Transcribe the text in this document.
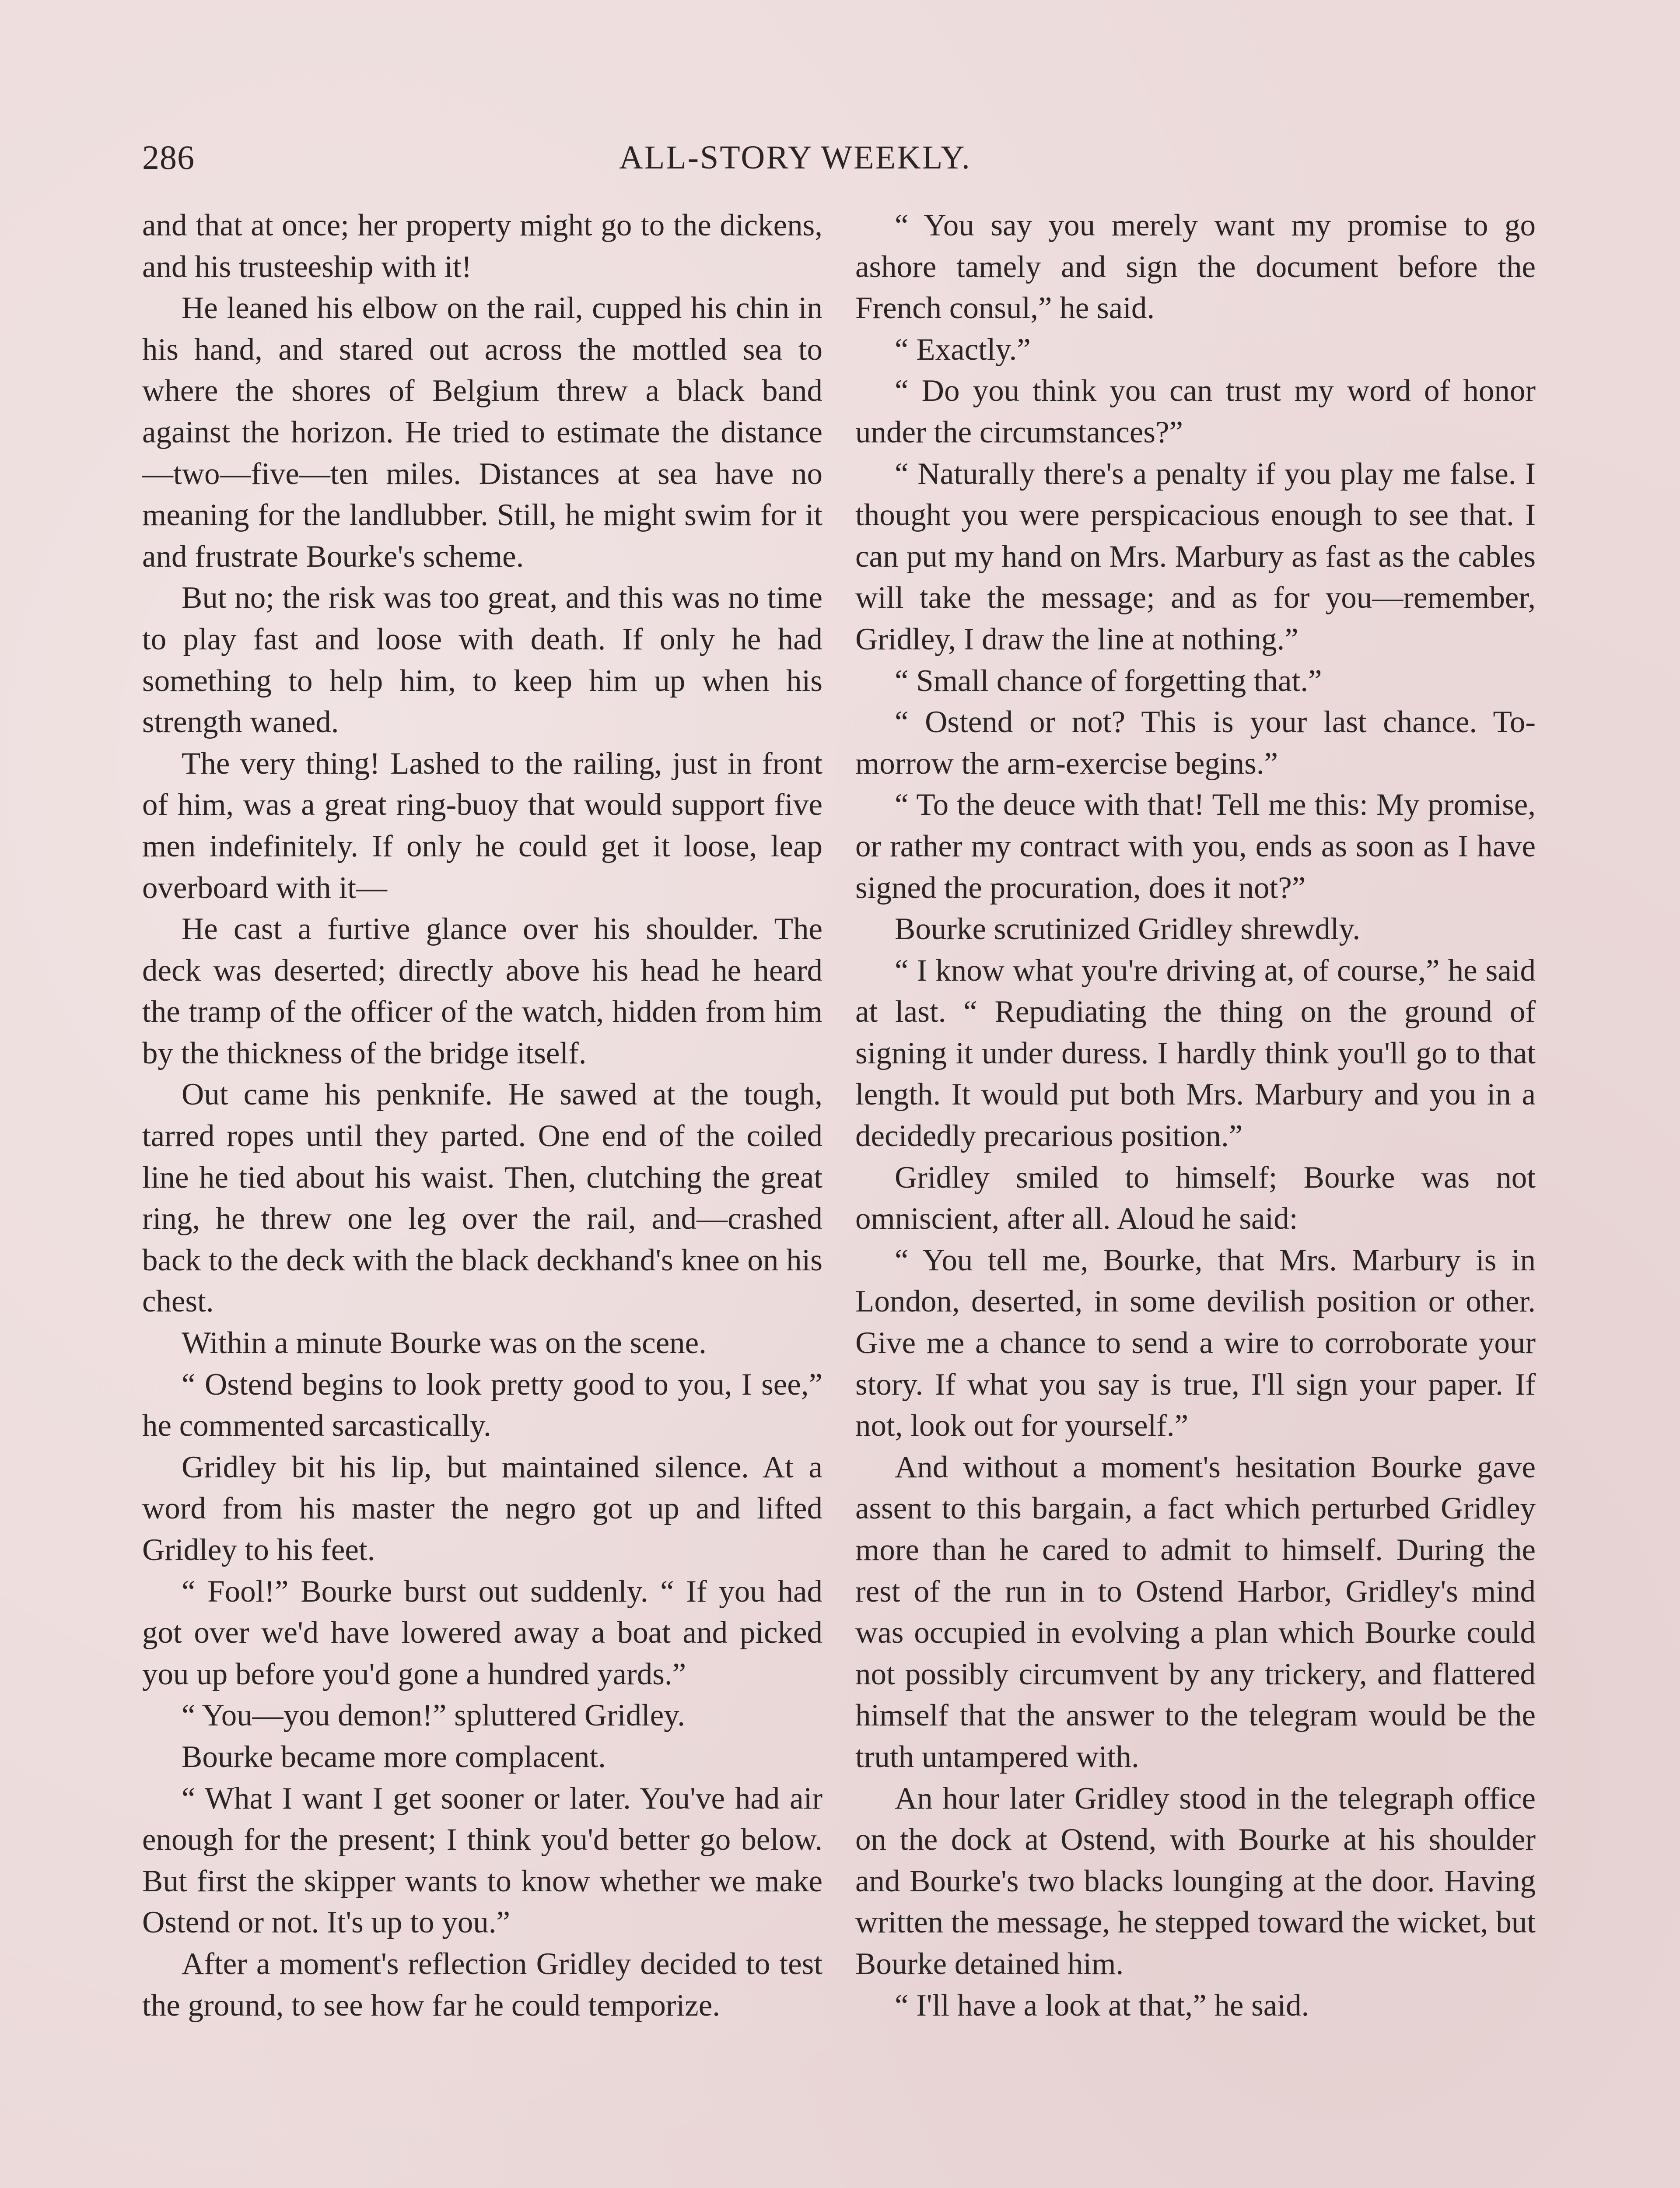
286	ALL-STORY WEEKLY.

and that at once; her property might go to the dickens, and his trusteeship with it!

He leaned his elbow on the rail, cupped his chin in his hand, and stared out across the mottled sea to where the shores of Belgium threw a black band against the horizon. He tried to estimate the distance —two—five—ten miles. Distances at sea have no meaning for the landlubber. Still, he might swim for it and frustrate Bourke's scheme.

But no; the risk was too great, and this was no time to play fast and loose with death. If only he had something to help him, to keep him up when his strength waned.

The very thing! Lashed to the railing, just in front of him, was a great ring-buoy that would support five men indefinitely. If only he could get it loose, leap overboard with it—

He cast a furtive glance over his shoulder. The deck was deserted; directly above his head he heard the tramp of the officer of the watch, hidden from him by the thickness of the bridge itself.

Out came his penknife. He sawed at the tough, tarred ropes until they parted. One end of the coiled line he tied about his waist. Then, clutching the great ring, he threw one leg over the rail, and—crashed back to the deck with the black deckhand's knee on his chest.

Within a minute Bourke was on the scene.

“ Ostend begins to look pretty good to you, I see,” he commented sarcastically.

Gridley bit his lip, but maintained silence. At a word from his master the negro got up and lifted Gridley to his feet.

“ Fool!” Bourke burst out suddenly. “ If you had got over we'd have lowered away a boat and picked you up before you'd gone a hundred yards.”

“ You—you demon!” spluttered Gridley.

Bourke became more complacent.

“ What I want I get sooner or later. You've had air enough for the present; I think you'd better go below. But first the skipper wants to know whether we make Ostend or not. It's up to you.”

After a moment's reflection Gridley decided to test the ground, to see how far he could temporize.

“ You say you merely want my promise to go ashore tamely and sign the document before the French consul,” he said.

“ Exactly.”

“ Do you think you can trust my word of honor under the circumstances?”

“ Naturally there's a penalty if you play me false. I thought you were perspicacious enough to see that. I can put my hand on Mrs. Marbury as fast as the cables will take the message; and as for you—remember, Gridley, I draw the line at nothing.”

“ Small chance of forgetting that.”

“ Ostend or not? This is your last chance. To-morrow the arm-exercise begins.”

“ To the deuce with that! Tell me this: My promise, or rather my contract with you, ends as soon as I have signed the procuration, does it not?”

Bourke scrutinized Gridley shrewdly.

“ I know what you're driving at, of course,” he said at last. “ Repudiating the thing on the ground of signing it under duress. I hardly think you'll go to that length. It would put both Mrs. Marbury and you in a decidedly precarious position.”

Gridley smiled to himself; Bourke was not omniscient, after all. Aloud he said:

“ You tell me, Bourke, that Mrs. Marbury is in London, deserted, in some devilish position or other. Give me a chance to send a wire to corroborate your story. If what you say is true, I'll sign your paper. If not, look out for yourself.”

And without a moment's hesitation Bourke gave assent to this bargain, a fact which perturbed Gridley more than he cared to admit to himself. During the rest of the run in to Ostend Harbor, Gridley's mind was occupied in evolving a plan which Bourke could not possibly circumvent by any trickery, and flattered himself that the answer to the telegram would be the truth untampered with.

An hour later Gridley stood in the telegraph office on the dock at Ostend, with Bourke at his shoulder and Bourke's two blacks lounging at the door. Having written the message, he stepped toward the wicket, but Bourke detained him.

“ I'll have a look at that,” he said.
